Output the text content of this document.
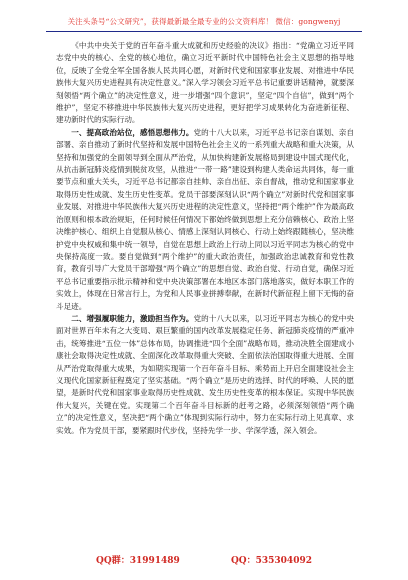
关注头条号“公文研究”，获得最新最全最专业的公文资料库！ 微信：gongwenyj

《中共中央关于党的百年奋斗重大成就和历史经验的决议》指出：“党确立习近平同志党中央的核心、全党的核心地位，确立习近平新时代中国特色社会主义思想的指导地位，反映了全党全军全国各族人民共同心愿，对新时代党和国家事业发展、对推进中华民族伟大复兴历史进程具有决定性意义。”深入学习领会习近平总书记重要讲话精神，就要深刻领悟“两个确立”的决定性意义，进一步增强“四个意识”，坚定“四个自信”，做到“两个维护”，坚定不移推进中华民族伟大复兴历史进程，更好把学习成果转化为奋进新征程、建功新时代的实际行动。

一、提高政治站位，感悟思想伟力。党的十八大以来，习近平总书记亲自谋划、亲自部署、亲自推动了新时代坚持和发展中国特色社会主义的一系列重大战略和重大决策，从坚持和加强党的全面领导到全面从严治党，从加快构建新发展格局到建设中国式现代化，从抗击新冠肺炎疫情到脱贫攻坚，从推进“一带一路”建设到构建人类命运共同体，每一重要节点和重大关头，习近平总书记都亲自挂帅、亲自出征、亲自督战，推动党和国家事业取得历史性成就、发生历史性变革。党员干部要深刻认识“两个确立”对新时代党和国家事业发展、对推进中华民族伟大复兴历史进程的决定性意义，坚持把“两个维护”作为最高政治原则和根本政治规矩，任何时候任何情况下都始终做到思想上充分信赖核心、政治上坚决维护核心、组织上自觉服从核心、情感上深刻认同核心、行动上始终跟随核心，坚决维护党中央权威和集中统一领导，自觉在思想上政治上行动上同以习近平同志为核心的党中央保持高度一致。要自觉做到“两个维护”的重大政治责任，加强政治忠诚教育和党性教育，教育引导广大党员干部增强“两个确立”的思想自觉、政治自觉、行动自觉，确保习近平总书记重要指示批示精神和党中央决策部署在本地区本部门落地落实，做好本职工作的实效上，体现在日常言行上，为党和人民事业拼搏奉献，在新时代新征程上留下无悔的奋斗足迹。

二、增强履职能力，激励担当作为。党的十八大以来，以习近平同志为核心的党中央面对世界百年未有之大变局、艰巨繁重的国内改革发展稳定任务、新冠肺炎疫情的严重冲击，统筹推进“五位一体”总体布局，协调推进“四个全面”战略布局，推动决胜全面建成小康社会取得决定性成就、全面深化改革取得重大突破、全面依法治国取得重大进展、全面从严治党取得重大成果，为如期实现第一个百年奋斗目标、乘势而上开启全面建设社会主义现代化国家新征程奠定了坚实基础。“两个确立”是历史的选择、时代的呼唤、人民的愿望，是新时代党和国家事业取得历史性成就、发生历史性变革的根本保证。实现中华民族伟大复兴，关键在党。实现第二个百年奋斗目标新的赶考之路，必须深刻领悟“两个确立”的决定性意义，坚决把“两个确立”体现到实际行动中，努力在实际行动上见真章、求实效。作为党员干部，要紧跟时代步伐，坚持先学一步、学深学透，深入领会。

QQ群：31991489	QQ：535304092
